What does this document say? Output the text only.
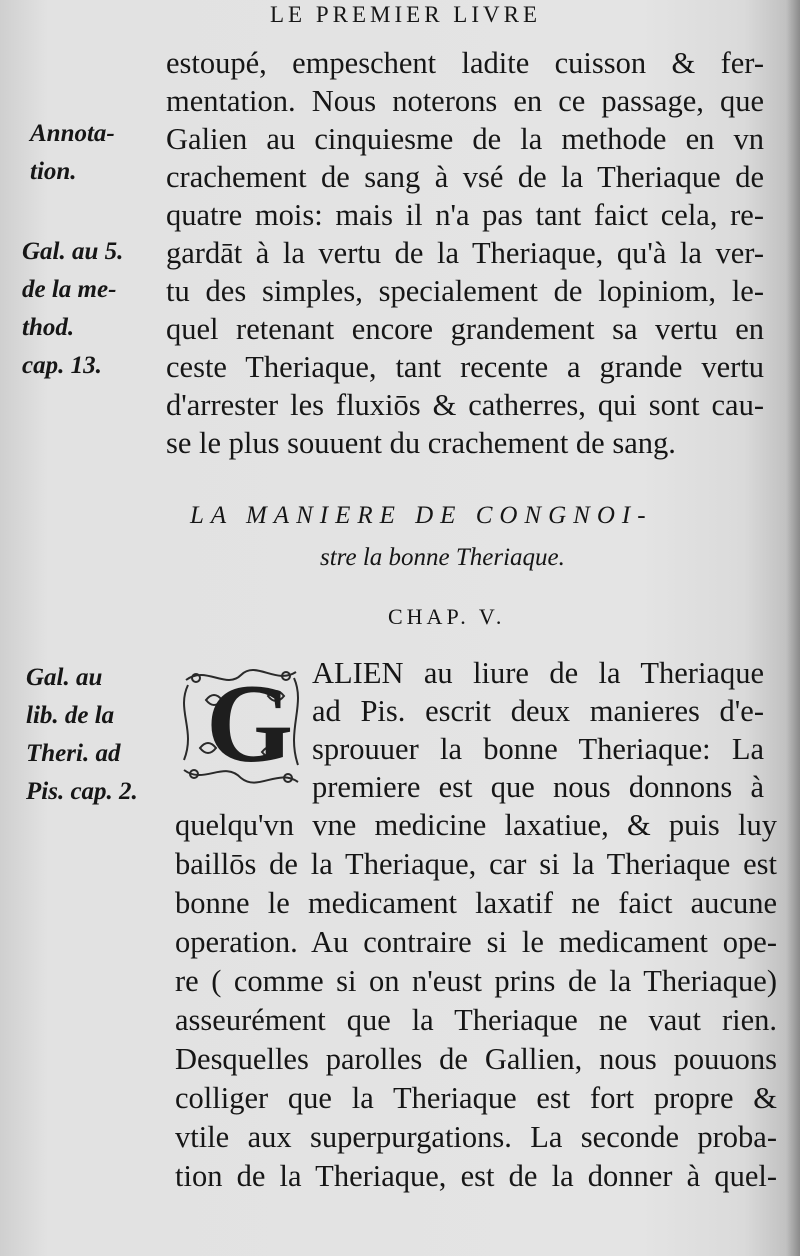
LE PREMIER LIVRE
estoupé, empeschent ladite cuisson & fer-
mentation. Nous noterons en ce passage, que
Galien au cinquiesme de la methode en vn
crachement de sang à vsé de la Theriaque de
quatre mois: mais il n'a pas tant faict cela, re-
gardāt à la vertu de la Theriaque, qu'à la ver-
tu des simples, specialement de lopiniom, le-
quel retenant encore grandement sa vertu en
ceste Theriaque, tant recente a grande vertu
d'arrester les fluxiōs & catherres, qui sont cau-
se le plus souuent du crachement de sang.
Annota-
tion.
Gal. au 5.
de la me-
thod.
cap. 13.
Gal. au
lib. de la
Theri. ad
Pis. cap. 2.
LA MANIERE DE CONGNOI-
stre la bonne Theriaque.
CHAP. V.
G ALIEN au liure de la Theriaque
ad Pis. escrit deux manieres d'e-
sprouuer la bonne Theriaque: La
premiere est que nous donnons à
quelqu'vn vne medicine laxatiue, & puis luy
baillōs de la Theriaque, car si la Theriaque est
bonne le medicament laxatif ne faict aucune
operation. Au contraire si le medicament ope-
re ( comme si on n'eust prins de la Theriaque)
asseurément que la Theriaque ne vaut rien.
Desquelles parolles de Gallien, nous pouuons
colliger que la Theriaque est fort propre &
vtile aux superpurgations. La seconde proba-
tion de la Theriaque, est de la donner à quel-
